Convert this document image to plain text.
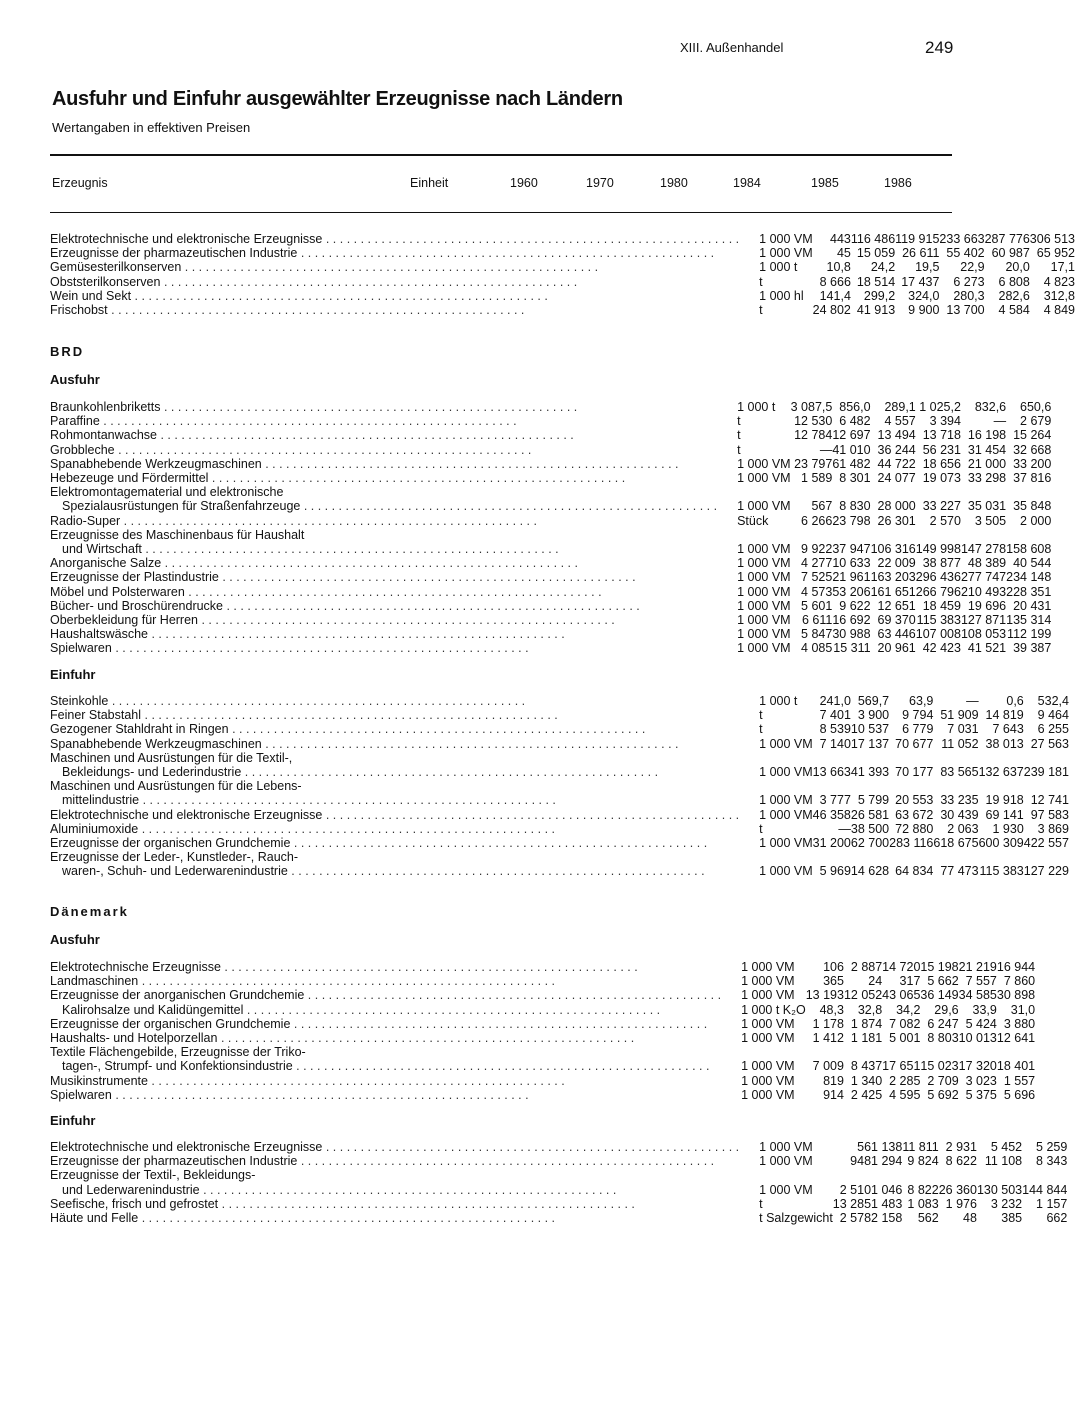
XIII. Außenhandel	249
Ausfuhr und Einfuhr ausgewählter Erzeugnisse nach Ländern
Wertangaben in effektiven Preisen
Erzeugnis	Einheit	1960	1970	1980	1984	1985	1986
Elektrotechnische und elektronische Erzeugnisse . . . . . . . . . . . . . . . . . . . . . . . . . . . . . . . . . . . . . . . . . . . . . . . . . . . . . . . . . . . .	1 000 VM	443	116 486	119 915	233 663	287 776	306 513
Erzeugnisse der pharmazeutischen Industrie . . . . . . . . . . . . . . . . . . . . . . . . . . . . . . . . . . . . . . . . . . . . . . . . . . . . . . . . . . . .	1 000 VM	45	15 059	26 611	55 402	60 987	65 952
Gemüsesterilkonserven . . . . . . . . . . . . . . . . . . . . . . . . . . . . . . . . . . . . . . . . . . . . . . . . . . . . . . . . . . . .	1 000 t	10,8	24,2	19,5	22,9	20,0	17,1
Obststerilkonserven . . . . . . . . . . . . . . . . . . . . . . . . . . . . . . . . . . . . . . . . . . . . . . . . . . . . . . . . . . . .	t	8 666	18 514	17 437	6 273	6 808	4 823
Wein und Sekt . . . . . . . . . . . . . . . . . . . . . . . . . . . . . . . . . . . . . . . . . . . . . . . . . . . . . . . . . . . .	1 000 hl	141,4	299,2	324,0	280,3	282,6	312,8
Frischobst . . . . . . . . . . . . . . . . . . . . . . . . . . . . . . . . . . . . . . . . . . . . . . . . . . . . . . . . . . . .	t	24 802	41 913	9 900	13 700	4 584	4 849
BRD
Ausfuhr
Braunkohlenbriketts . . . . . . . . . . . . . . . . . . . . . . . . . . . . . . . . . . . . . . . . . . . . . . . . . . . . . . . . . . . .	1 000 t	3 087,5	856,0	289,1	1 025,2	832,6	650,6
Paraffine . . . . . . . . . . . . . . . . . . . . . . . . . . . . . . . . . . . . . . . . . . . . . . . . . . . . . . . . . . . .	t	12 530	6 482	4 557	3 394	—	2 679
Rohmontanwachse . . . . . . . . . . . . . . . . . . . . . . . . . . . . . . . . . . . . . . . . . . . . . . . . . . . . . . . . . . . .	t	12 784	12 697	13 494	13 718	16 198	15 264
Grobbleche . . . . . . . . . . . . . . . . . . . . . . . . . . . . . . . . . . . . . . . . . . . . . . . . . . . . . . . . . . . .	t	—	41 010	36 244	56 231	31 454	32 668
Spanabhebende Werkzeugmaschinen . . . . . . . . . . . . . . . . . . . . . . . . . . . . . . . . . . . . . . . . . . . . . . . . . . . . . . . . . . . .	1 000 VM	23 797	61 482	44 722	18 656	21 000	33 200
Hebezeuge und Fördermittel . . . . . . . . . . . . . . . . . . . . . . . . . . . . . . . . . . . . . . . . . . . . . . . . . . . . . . . . . . . .	1 000 VM	1 589	8 301	24 077	19 073	33 298	37 816
Elektromontagematerial und elektronische							
Spezialausrüstungen für Straßenfahrzeuge . . . . . . . . . . . . . . . . . . . . . . . . . . . . . . . . . . . . . . . . . . . . . . . . . . . . . . . . . . . .	1 000 VM	567	8 830	28 000	33 227	35 031	35 848
Radio-Super . . . . . . . . . . . . . . . . . . . . . . . . . . . . . . . . . . . . . . . . . . . . . . . . . . . . . . . . . . . .	Stück	6 266	23 798	26 301	2 570	3 505	2 000
Erzeugnisse des Maschinenbaus für Haushalt							
und Wirtschaft . . . . . . . . . . . . . . . . . . . . . . . . . . . . . . . . . . . . . . . . . . . . . . . . . . . . . . . . . . . .	1 000 VM	9 922	37 947	106 316	149 998	147 278	158 608
Anorganische Salze . . . . . . . . . . . . . . . . . . . . . . . . . . . . . . . . . . . . . . . . . . . . . . . . . . . . . . . . . . . .	1 000 VM	4 277	10 633	22 009	38 877	48 389	40 544
Erzeugnisse der Plastindustrie . . . . . . . . . . . . . . . . . . . . . . . . . . . . . . . . . . . . . . . . . . . . . . . . . . . . . . . . . . . .	1 000 VM	7 525	21 961	163 203	296 436	277 747	234 148
Möbel und Polsterwaren . . . . . . . . . . . . . . . . . . . . . . . . . . . . . . . . . . . . . . . . . . . . . . . . . . . . . . . . . . . .	1 000 VM	4 573	53 206	161 651	266 796	210 493	228 351
Bücher- und Broschürendrucke . . . . . . . . . . . . . . . . . . . . . . . . . . . . . . . . . . . . . . . . . . . . . . . . . . . . . . . . . . . .	1 000 VM	5 601	9 622	12 651	18 459	19 696	20 431
Oberbekleidung für Herren . . . . . . . . . . . . . . . . . . . . . . . . . . . . . . . . . . . . . . . . . . . . . . . . . . . . . . . . . . . .	1 000 VM	6 611	16 692	69 370	115 383	127 871	135 314
Haushaltswäsche . . . . . . . . . . . . . . . . . . . . . . . . . . . . . . . . . . . . . . . . . . . . . . . . . . . . . . . . . . . .	1 000 VM	5 847	30 988	63 446	107 008	108 053	112 199
Spielwaren . . . . . . . . . . . . . . . . . . . . . . . . . . . . . . . . . . . . . . . . . . . . . . . . . . . . . . . . . . . .	1 000 VM	4 085	15 311	20 961	42 423	41 521	39 387
Einfuhr
Steinkohle . . . . . . . . . . . . . . . . . . . . . . . . . . . . . . . . . . . . . . . . . . . . . . . . . . . . . . . . . . . .	1 000 t	241,0	569,7	63,9	—	0,6	532,4
Feiner Stabstahl . . . . . . . . . . . . . . . . . . . . . . . . . . . . . . . . . . . . . . . . . . . . . . . . . . . . . . . . . . . .	t	7 401	3 900	9 794	51 909	14 819	9 464
Gezogener Stahldraht in Ringen . . . . . . . . . . . . . . . . . . . . . . . . . . . . . . . . . . . . . . . . . . . . . . . . . . . . . . . . . . . .	t	8 539	10 537	6 779	7 031	7 643	6 255
Spanabhebende Werkzeugmaschinen . . . . . . . . . . . . . . . . . . . . . . . . . . . . . . . . . . . . . . . . . . . . . . . . . . . . . . . . . . . .	1 000 VM	7 140	17 137	70 677	11 052	38 013	27 563
Maschinen und Ausrüstungen für die Textil-,							
Bekleidungs- und Lederindustrie . . . . . . . . . . . . . . . . . . . . . . . . . . . . . . . . . . . . . . . . . . . . . . . . . . . . . . . . . . . .	1 000 VM	13 663	41 393	70 177	83 565	132 637	239 181
Maschinen und Ausrüstungen für die Lebens-							
mittelindustrie . . . . . . . . . . . . . . . . . . . . . . . . . . . . . . . . . . . . . . . . . . . . . . . . . . . . . . . . . . . .	1 000 VM	3 777	5 799	20 553	33 235	19 918	12 741
Elektrotechnische und elektronische Erzeugnisse . . . . . . . . . . . . . . . . . . . . . . . . . . . . . . . . . . . . . . . . . . . . . . . . . . . . . . . . . . . .	1 000 VM	46 358	26 581	63 672	30 439	69 141	97 583
Aluminiumoxide . . . . . . . . . . . . . . . . . . . . . . . . . . . . . . . . . . . . . . . . . . . . . . . . . . . . . . . . . . . .	t	—	38 500	72 880	2 063	1 930	3 869
Erzeugnisse der organischen Grundchemie . . . . . . . . . . . . . . . . . . . . . . . . . . . . . . . . . . . . . . . . . . . . . . . . . . . . . . . . . . . .	1 000 VM	31 200	62 700	283 116	618 675	600 309	422 557
Erzeugnisse der Leder-, Kunstleder-, Rauch-							
waren-, Schuh- und Lederwarenindustrie . . . . . . . . . . . . . . . . . . . . . . . . . . . . . . . . . . . . . . . . . . . . . . . . . . . . . . . . . . . .	1 000 VM	5 969	14 628	64 834	77 473	115 383	127 229
Dänemark
Ausfuhr
Elektrotechnische Erzeugnisse . . . . . . . . . . . . . . . . . . . . . . . . . . . . . . . . . . . . . . . . . . . . . . . . . . . . . . . . . . . .	1 000 VM	106	2 887	14 720	15 198	21 219	16 944
Landmaschinen . . . . . . . . . . . . . . . . . . . . . . . . . . . . . . . . . . . . . . . . . . . . . . . . . . . . . . . . . . . .	1 000 VM	365	24	317	5 662	7 557	7 860
Erzeugnisse der anorganischen Grundchemie . . . . . . . . . . . . . . . . . . . . . . . . . . . . . . . . . . . . . . . . . . . . . . . . . . . . . . . . . . . .	1 000 VM	13 193	12 052	43 065	36 149	34 585	30 898
Kalirohsalze und Kalidüngemittel . . . . . . . . . . . . . . . . . . . . . . . . . . . . . . . . . . . . . . . . . . . . . . . . . . . . . . . . . . . .	1 000 t K₂O	48,3	32,8	34,2	29,6	33,9	31,0
Erzeugnisse der organischen Grundchemie . . . . . . . . . . . . . . . . . . . . . . . . . . . . . . . . . . . . . . . . . . . . . . . . . . . . . . . . . . . .	1 000 VM	1 178	1 874	7 082	6 247	5 424	3 880
Haushalts- und Hotelporzellan . . . . . . . . . . . . . . . . . . . . . . . . . . . . . . . . . . . . . . . . . . . . . . . . . . . . . . . . . . . .	1 000 VM	1 412	1 181	5 001	8 803	10 013	12 641
Textile Flächengebilde, Erzeugnisse der Triko-							
tagen-, Strumpf- und Konfektionsindustrie . . . . . . . . . . . . . . . . . . . . . . . . . . . . . . . . . . . . . . . . . . . . . . . . . . . . . . . . . . . .	1 000 VM	7 009	8 437	17 651	15 023	17 320	18 401
Musikinstrumente . . . . . . . . . . . . . . . . . . . . . . . . . . . . . . . . . . . . . . . . . . . . . . . . . . . . . . . . . . . .	1 000 VM	819	1 340	2 285	2 709	3 023	1 557
Spielwaren . . . . . . . . . . . . . . . . . . . . . . . . . . . . . . . . . . . . . . . . . . . . . . . . . . . . . . . . . . . .	1 000 VM	914	2 425	4 595	5 692	5 375	5 696
Einfuhr
Elektrotechnische und elektronische Erzeugnisse . . . . . . . . . . . . . . . . . . . . . . . . . . . . . . . . . . . . . . . . . . . . . . . . . . . . . . . . . . . .	1 000 VM	56	1 138	11 811	2 931	5 452	5 259
Erzeugnisse der pharmazeutischen Industrie . . . . . . . . . . . . . . . . . . . . . . . . . . . . . . . . . . . . . . . . . . . . . . . . . . . . . . . . . . . .	1 000 VM	948	1 294	9 824	8 622	11 108	8 343
Erzeugnisse der Textil-, Bekleidungs-							
und Lederwarenindustrie . . . . . . . . . . . . . . . . . . . . . . . . . . . . . . . . . . . . . . . . . . . . . . . . . . . . . . . . . . . .	1 000 VM	2 510	1 046	8 822	26 360	130 503	144 844
Seefische, frisch und gefrostet . . . . . . . . . . . . . . . . . . . . . . . . . . . . . . . . . . . . . . . . . . . . . . . . . . . . . . . . . . . .	t	13 285	1 483	1 083	1 976	3 232	1 157
Häute und Felle . . . . . . . . . . . . . . . . . . . . . . . . . . . . . . . . . . . . . . . . . . . . . . . . . . . . . . . . . . . .	t Salzgewicht	2 578	2 158	562	48	385	662
